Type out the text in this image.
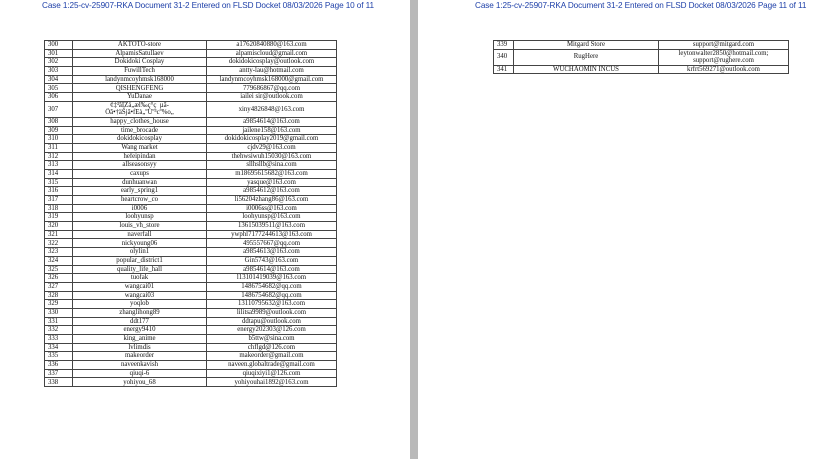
Case 1:25-cv-25907-RKA Document 31-2 Entered on FLSD Docket 08/03/2026 Page 10 of 11
300	AKTOTO-store	a17620840880@163.com
301	AlpamisSatullaev	alpamiscloud@gmail.com
302	Dokidoki Cosplay	dokidokicosplay@outlook.com
303	FuwillTech	antty-lau@hotmail.com
304	landynmcoyhmsk168000	landynmcoyhmsk168000@gmail.com
305	QISHENGFENG	779686867@qq.com
306	YuDanae	iailei sir@outlook.com
307	¢‡³ãÌZå„æl‰ç°ç¯µã-
Öã•†äŠjã•fEà„ºÙº³cº%o„	xiny4826848@163.com
308	happy_clothes_house	a9854614@163.com
309	time_brocade	jailene158@163.com
310	dokidokicosplay	dokidokicosplay2019@gmail.com
311	Wang market	cjdv29@163.com
312	hefeipindan	thehwsiwuh15030@163.com
313	allseasonsyy	sllhsllb@sina.com
314	caxups	m18695615682@163.com
315	dunhuanwan	yasque@163.com
316	early_spring1	a9854612@163.com
317	heartcrow_co	li56204zhang86@163.com
318	i0006	i0006ss@163.com
319	loohyunsp	loohyunsp@163.com
320	louis_vh_store	13615039511@163.com
321	naverfall	ywphl7177244613@163.com
322	nickyoung06	495557667@qq.com
323	olylin1	a9854613@163.com
324	popular_district1	Gin5743@163.com
325	quality_life_hall	a9854614@163.com
326	tuofak	l13101419039@163.com
327	wangcai01	1486754682@qq.com
328	wangcai03	1486754682@qq.com
329	yoqlob	13110795632@163.com
330	zhanglihong89	lilitsa9989@outlook.com
331	ddt177	ddtapu@outlook.com
332	energy9410	energy202303@126.com
333	king_anime	b5ttw@sina.com
334	lvlimdis	chflgd@126.com
335	makeorder	makeorder@gmail.com
336	naveenkavish	naveen.globaltrade@gmail.com
337	qiuqi-6	qiuqixiyi1@126.com
338	yohiyou_68	yohiyouhai1892@163.com
Case 1:25-cv-25907-RKA Document 31-2 Entered on FLSD Docket 08/03/2026 Page 11 of 11
339	Mitgard Store	support@mitgard.com
340	RugHere	leytonwalter2850@hotmail.com;
support@rughere.com
341	WUCHAOMIN INCUS	krfrt569271@outlook.com
